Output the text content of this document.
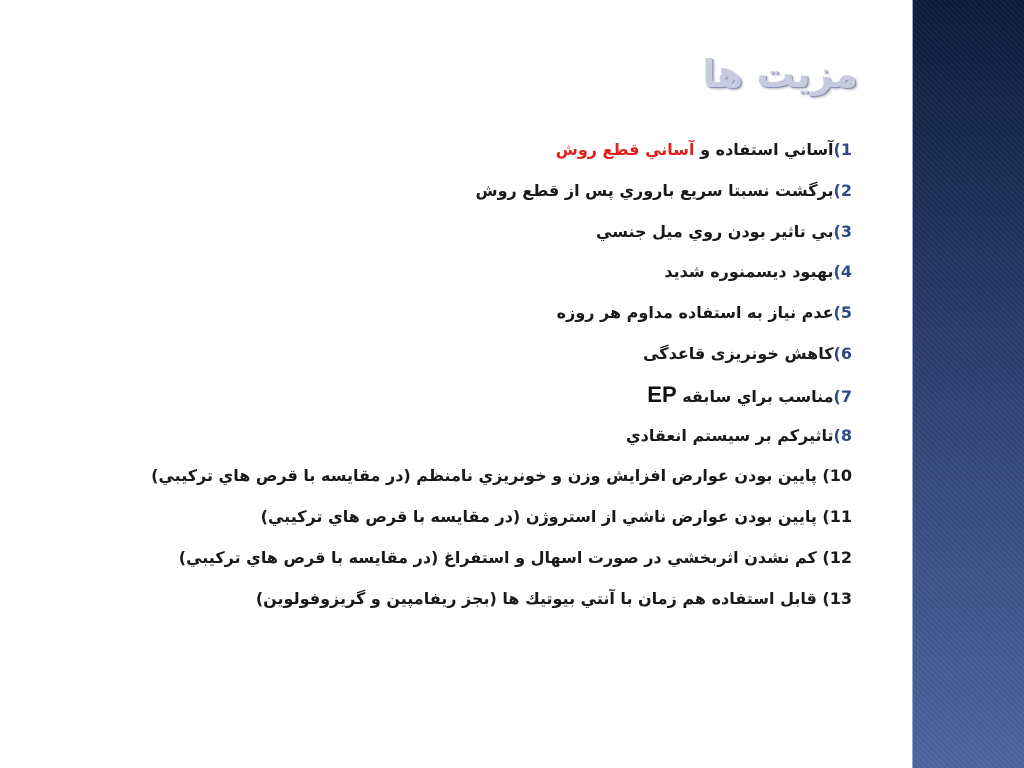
مزیت ها
1)آساني استفاده و آساني قطع روش
2)برگشت نسبتا سريع باروري پس از قطع روش
3)بي تاثير بودن روي ميل جنسي
4)بهبود ديسمنوره شديد
5)عدم نياز به استفاده مداوم هر روزه
6)کاهش خونریزی قاعدگی
7)مناسب براي سابقه EP
8)تاثيركم بر سيستم انعقادي
10) پايين بودن عوارض افزايش وزن و خونريزي نامنظم (در مقايسه با قرص هاي تركيبي)
11) پايين بودن عوارض ناشي از استروژن (در مقايسه با قرص هاي تركيبي)
12) كم نشدن اثربخشي در صورت اسهال و استفراغ (در مقايسه با قرص هاي تركيبي)
13) قابل استفاده هم زمان با آنتي بيوتيك ها (بجز ريفامپين و گريزوفولوين)
